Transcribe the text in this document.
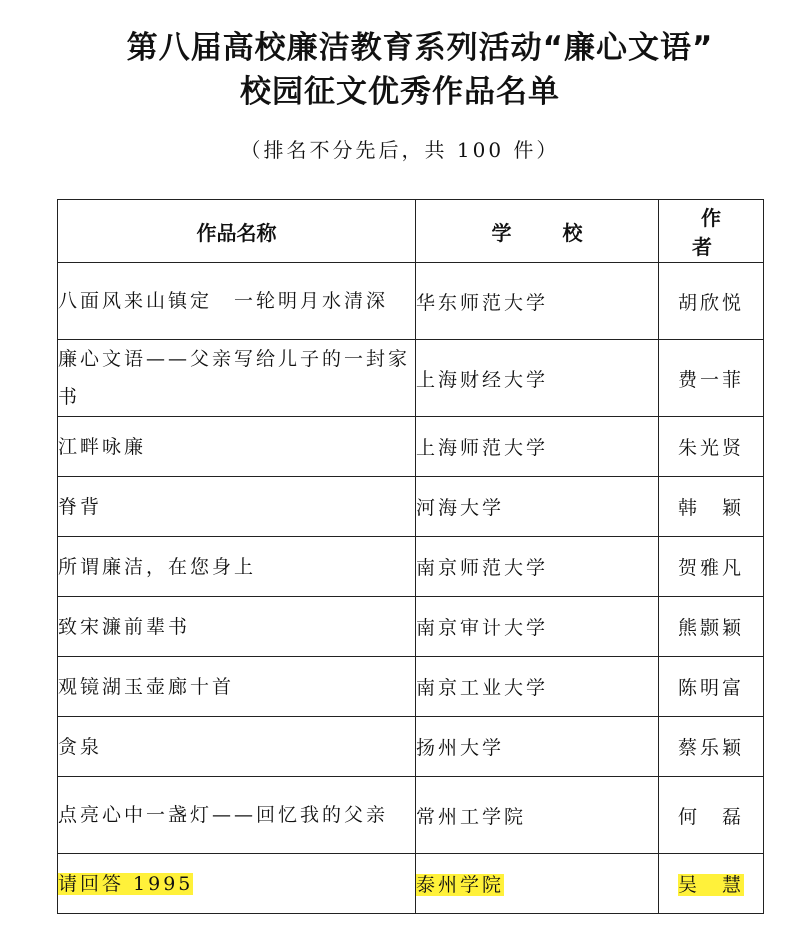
第八届高校廉洁教育系列活动“廉心文语”
校园征文优秀作品名单
（排名不分先后，共 100 件）
作品名称	学 校	作 者
八面风来山镇定　一轮明月水清深	华东师范大学	胡欣悦
廉心文语——父亲写给儿子的一封家书	上海财经大学	费一菲
江畔咏廉	上海师范大学	朱光贤
脊背	河海大学	韩　颖
所谓廉洁，在您身上	南京师范大学	贺雅凡
致宋濂前辈书	南京审计大学	熊颢颖
观镜湖玉壶廊十首	南京工业大学	陈明富
贪泉	扬州大学	蔡乐颖
点亮心中一盏灯——回忆我的父亲	常州工学院	何　磊
请回答 1995	泰州学院	吴　慧
